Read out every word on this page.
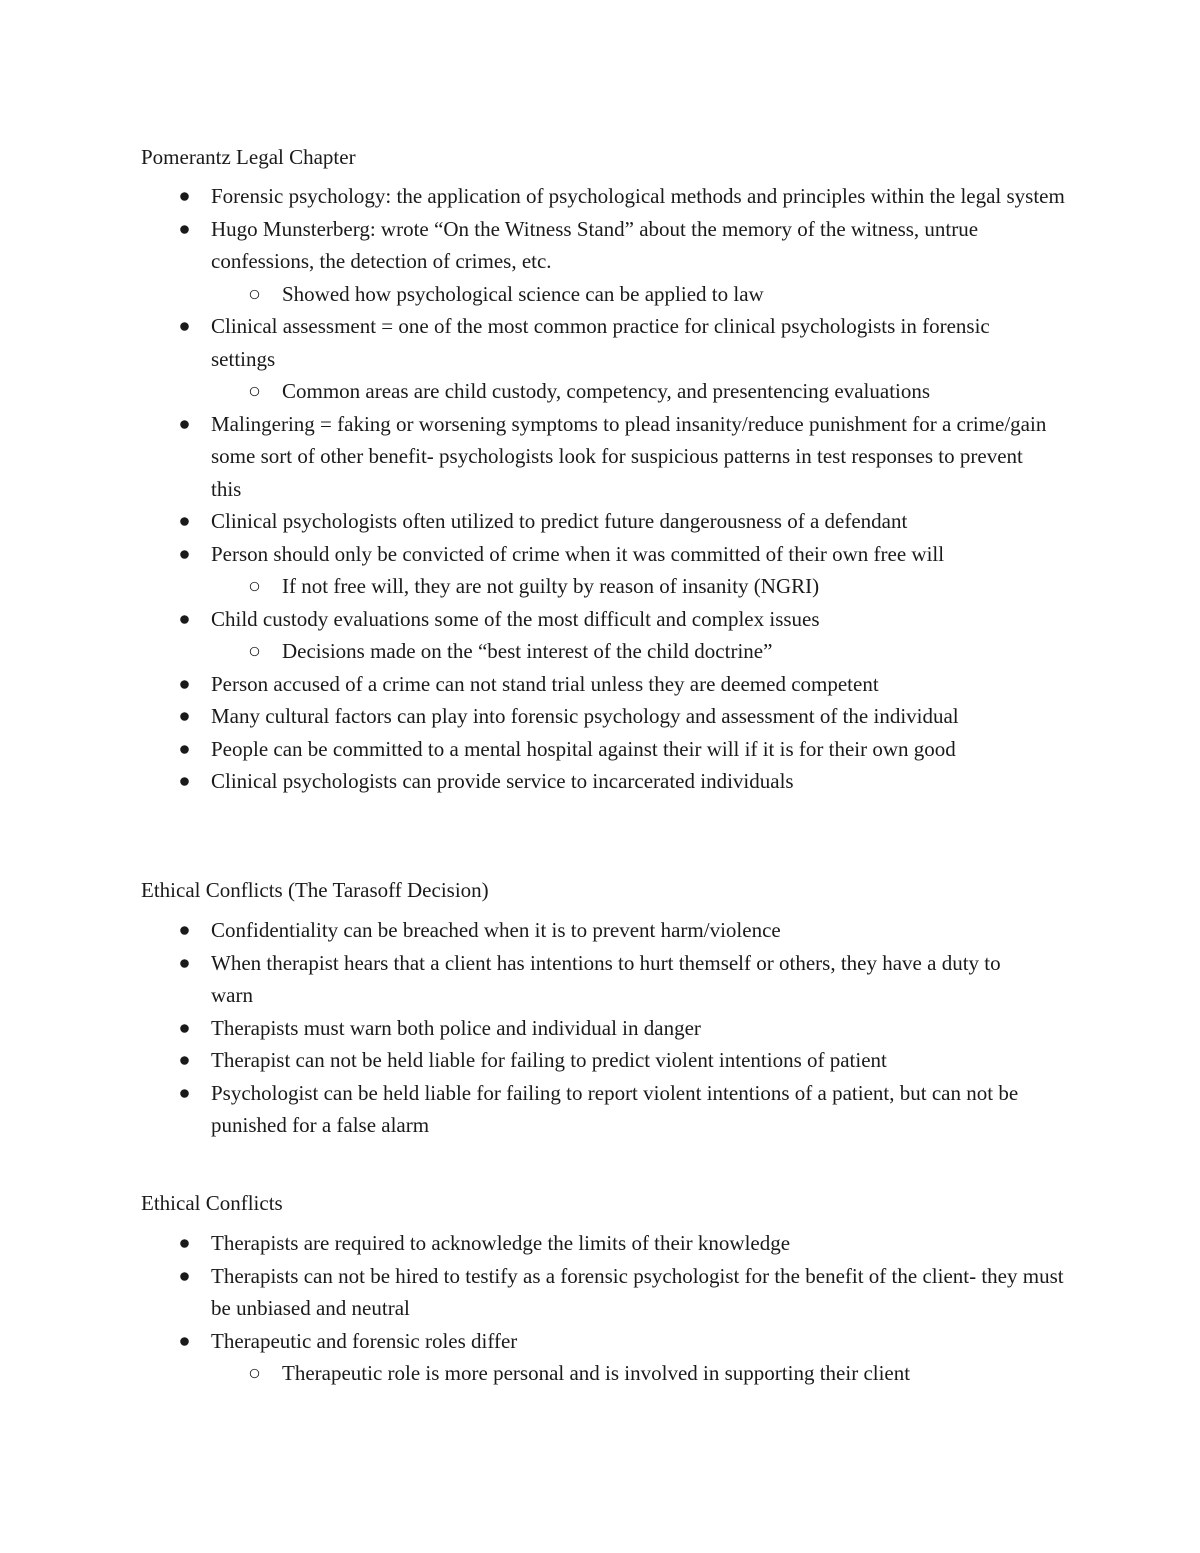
Pomerantz Legal Chapter

Forensic psychology: the application of psychological methods and principles within the legal system
Hugo Munsterberg: wrote “On the Witness Stand” about the memory of the witness, untrue confessions, the detection of crimes, etc.
Showed how psychological science can be applied to law
Clinical assessment = one of the most common practice for clinical psychologists in forensic settings
Common areas are child custody, competency, and presentencing evaluations
Malingering = faking or worsening symptoms to plead insanity/reduce punishment for a crime/gain some sort of other benefit- psychologists look for suspicious patterns in test responses to prevent this
Clinical psychologists often utilized to predict future dangerousness of a defendant
Person should only be convicted of crime when it was committed of their own free will
If not free will, they are not guilty by reason of insanity (NGRI)
Child custody evaluations some of the most difficult and complex issues
Decisions made on the “best interest of the child doctrine”
Person accused of a crime can not stand trial unless they are deemed competent
Many cultural factors can play into forensic psychology and assessment of the individual
People can be committed to a mental hospital against their will if it is for their own good
Clinical psychologists can provide service to incarcerated individuals

Ethical Conflicts (The Tarasoff Decision)

Confidentiality can be breached when it is to prevent harm/violence
When therapist hears that a client has intentions to hurt themself or others, they have a duty to warn
Therapists must warn both police and individual in danger
Therapist can not be held liable for failing to predict violent intentions of patient
Psychologist can be held liable for failing to report violent intentions of a patient, but can not be punished for a false alarm

Ethical Conflicts

Therapists are required to acknowledge the limits of their knowledge
Therapists can not be hired to testify as a forensic psychologist for the benefit of the client- they must be unbiased and neutral
Therapeutic and forensic roles differ
Therapeutic role is more personal and is involved in supporting their client
